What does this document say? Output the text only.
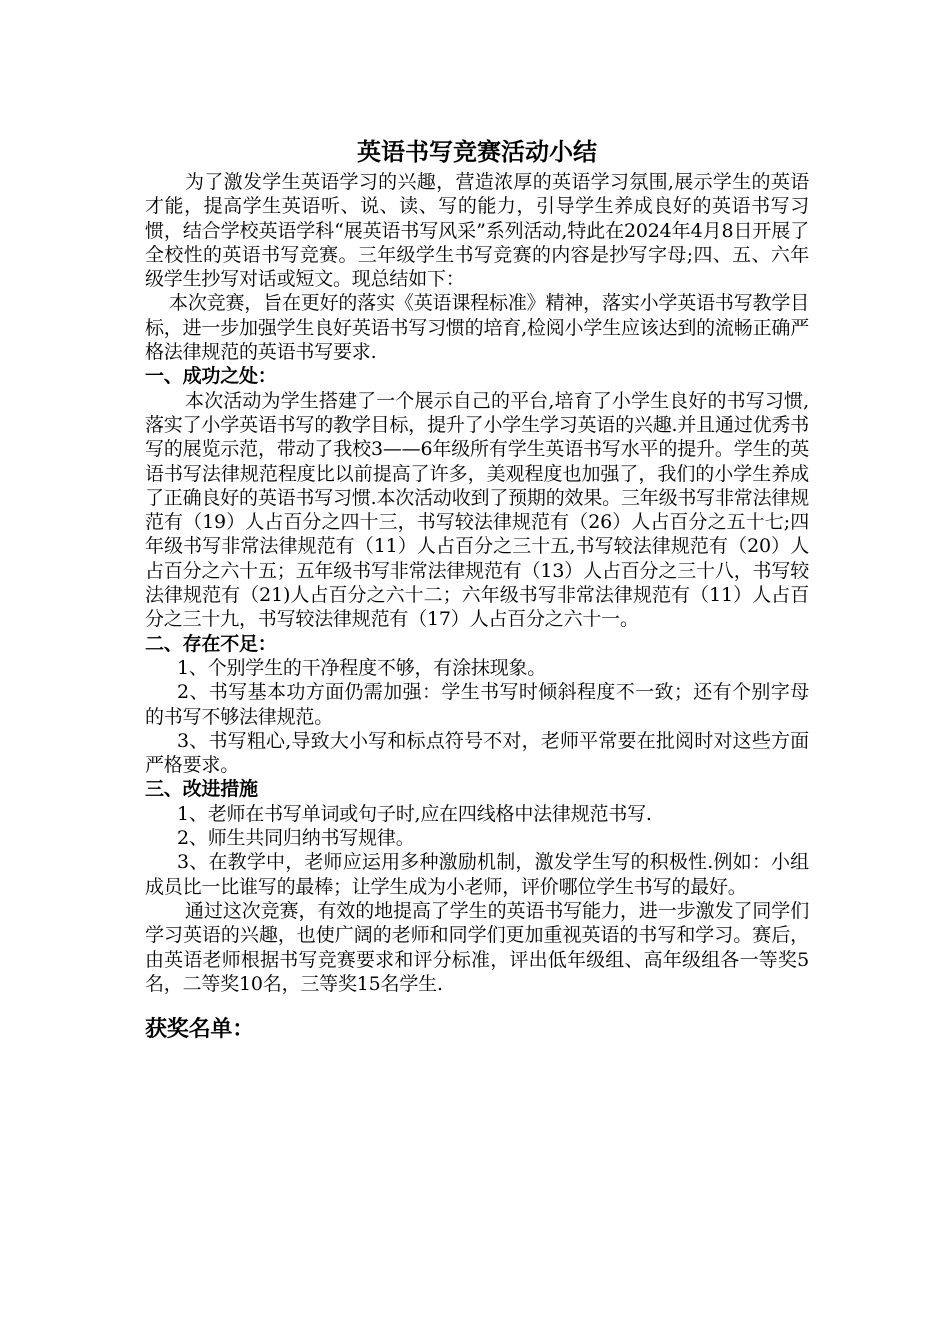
英语书写竞赛活动小结

为了激发学生英语学习的兴趣，营造浓厚的英语学习氛围,展示学生的英语才能，提高学生英语听、说、读、写的能力，引导学生养成良好的英语书写习惯，结合学校英语学科“展英语书写风采”系列活动,特此在2024年4月8日开展了全校性的英语书写竞赛。三年级学生书写竞赛的内容是抄写字母;四、五、六年级学生抄写对话或短文。现总结如下：

本次竞赛，旨在更好的落实《英语课程标准》精神，落实小学英语书写教学目标，进一步加强学生良好英语书写习惯的培育,检阅小学生应该达到的流畅正确严格法律规范的英语书写要求.

一、成功之处：

本次活动为学生搭建了一个展示自己的平台,培育了小学生良好的书写习惯,落实了小学英语书写的教学目标，提升了小学生学习英语的兴趣.并且通过优秀书写的展览示范，带动了我校3——6年级所有学生英语书写水平的提升。学生的英语书写法律规范程度比以前提高了许多，美观程度也加强了，我们的小学生养成了正确良好的英语书写习惯.本次活动收到了预期的效果。三年级书写非常法律规范有（19）人占百分之四十三，书写较法律规范有（26）人占百分之五十七;四年级书写非常法律规范有（11）人占百分之三十五,书写较法律规范有（20）人占百分之六十五；五年级书写非常法律规范有（13）人占百分之三十八，书写较法律规范有（21)人占百分之六十二；六年级书写非常法律规范有（11）人占百分之三十九，书写较法律规范有（17）人占百分之六十一。

二、存在不足：

1、个别学生的干净程度不够，有涂抹现象。

2、书写基本功方面仍需加强：学生书写时倾斜程度不一致；还有个别字母的书写不够法律规范。

3、书写粗心,导致大小写和标点符号不对，老师平常要在批阅时对这些方面严格要求。

三、改进措施

1、老师在书写单词或句子时,应在四线格中法律规范书写.

2、师生共同归纳书写规律。

3、在教学中，老师应运用多种激励机制，激发学生写的积极性.例如：小组成员比一比谁写的最棒；让学生成为小老师，评价哪位学生书写的最好。

通过这次竞赛，有效的地提高了学生的英语书写能力，进一步激发了同学们学习英语的兴趣，也使广阔的老师和同学们更加重视英语的书写和学习。赛后，由英语老师根据书写竞赛要求和评分标准，评出低年级组、高年级组各一等奖5名，二等奖10名，三等奖15名学生.

获奖名单：
